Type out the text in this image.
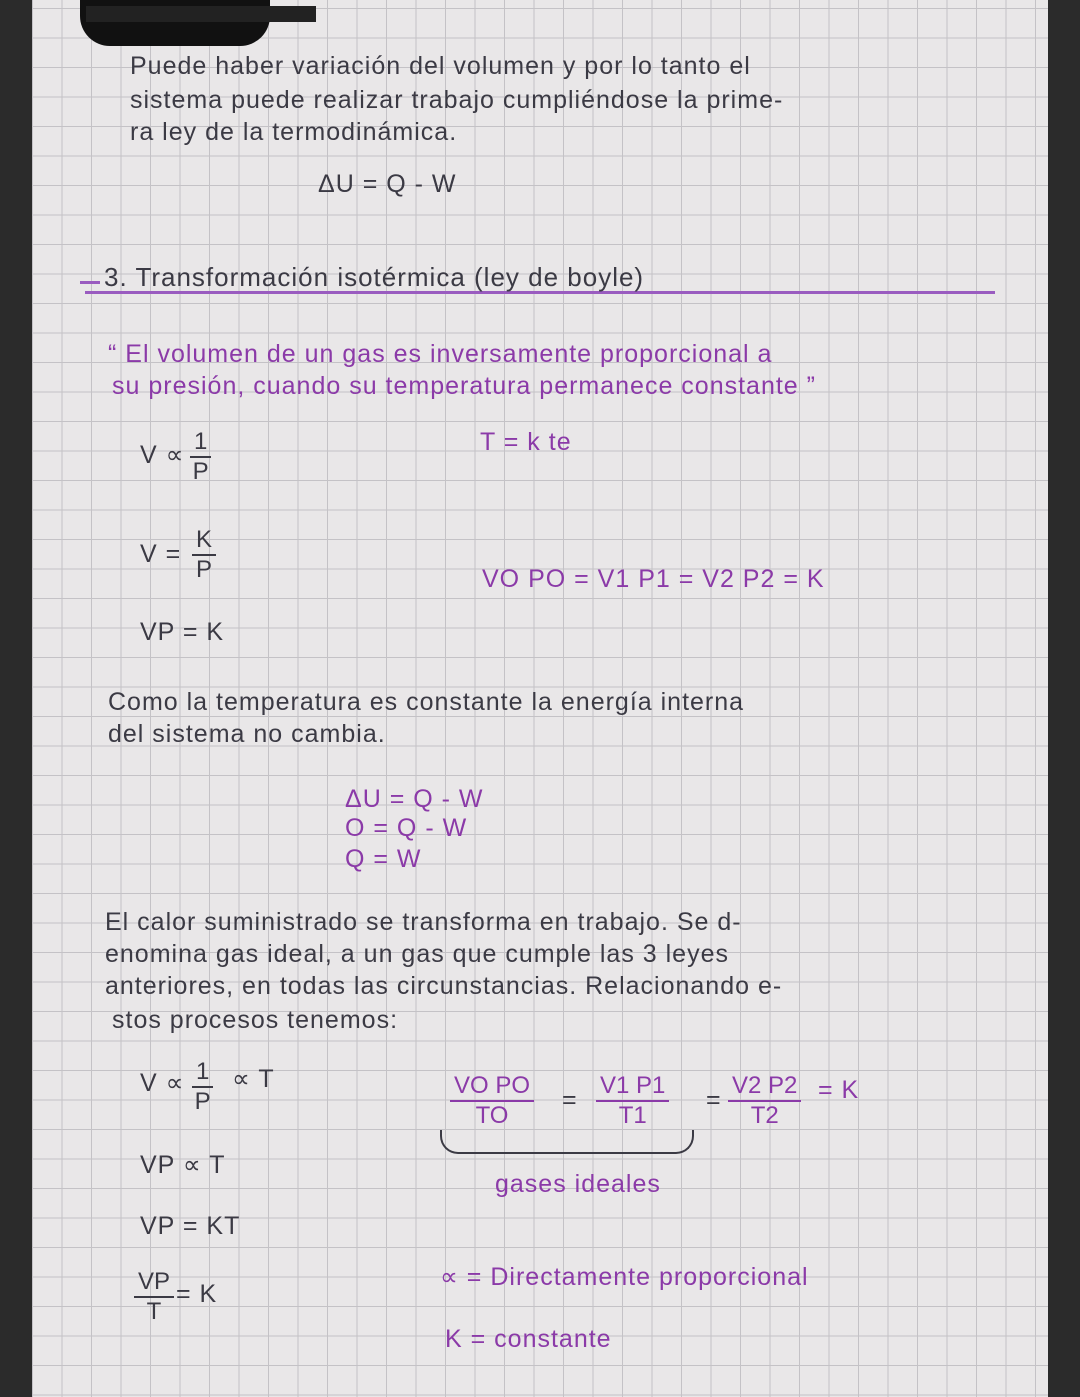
Puede haber variación del volumen y por lo tanto el
sistema puede realizar trabajo cumpliéndose la prime-
ra ley de la termodinámica.
ΔU = Q - W
3. Transformación isotérmica (ley de boyle)
“ El volumen de un gas es inversamente proporcional a
su presión, cuando su temperatura permanece constante ”
$V \propto \frac{1}{P}$	T = k te
$V = \frac{K}{P}$	VO PO = V1 P1 = V2 P2 = K
VP = K
Como la temperatura es constante la energía interna
del sistema no cambia.
ΔU = Q - W
O = Q - W
Q = W
El calor suministrado se transforma en trabajo. Se d-
enomina gas ideal, a un gas que cumple las 3 leyes
anteriores, en todas las circunstancias. Relacionando e-
stos procesos tenemos:
$V \propto \frac{1}{P} \propto T$
VP ∝ T
VP = KT
$\frac{VP}{T} = K$
$\frac{\text{VO PO}}{TO} = \frac{V1 P1}{T1} = \frac{V2 P2}{T2} = K$
gases ideales
∝ = Directamente proporcional
K = constante
